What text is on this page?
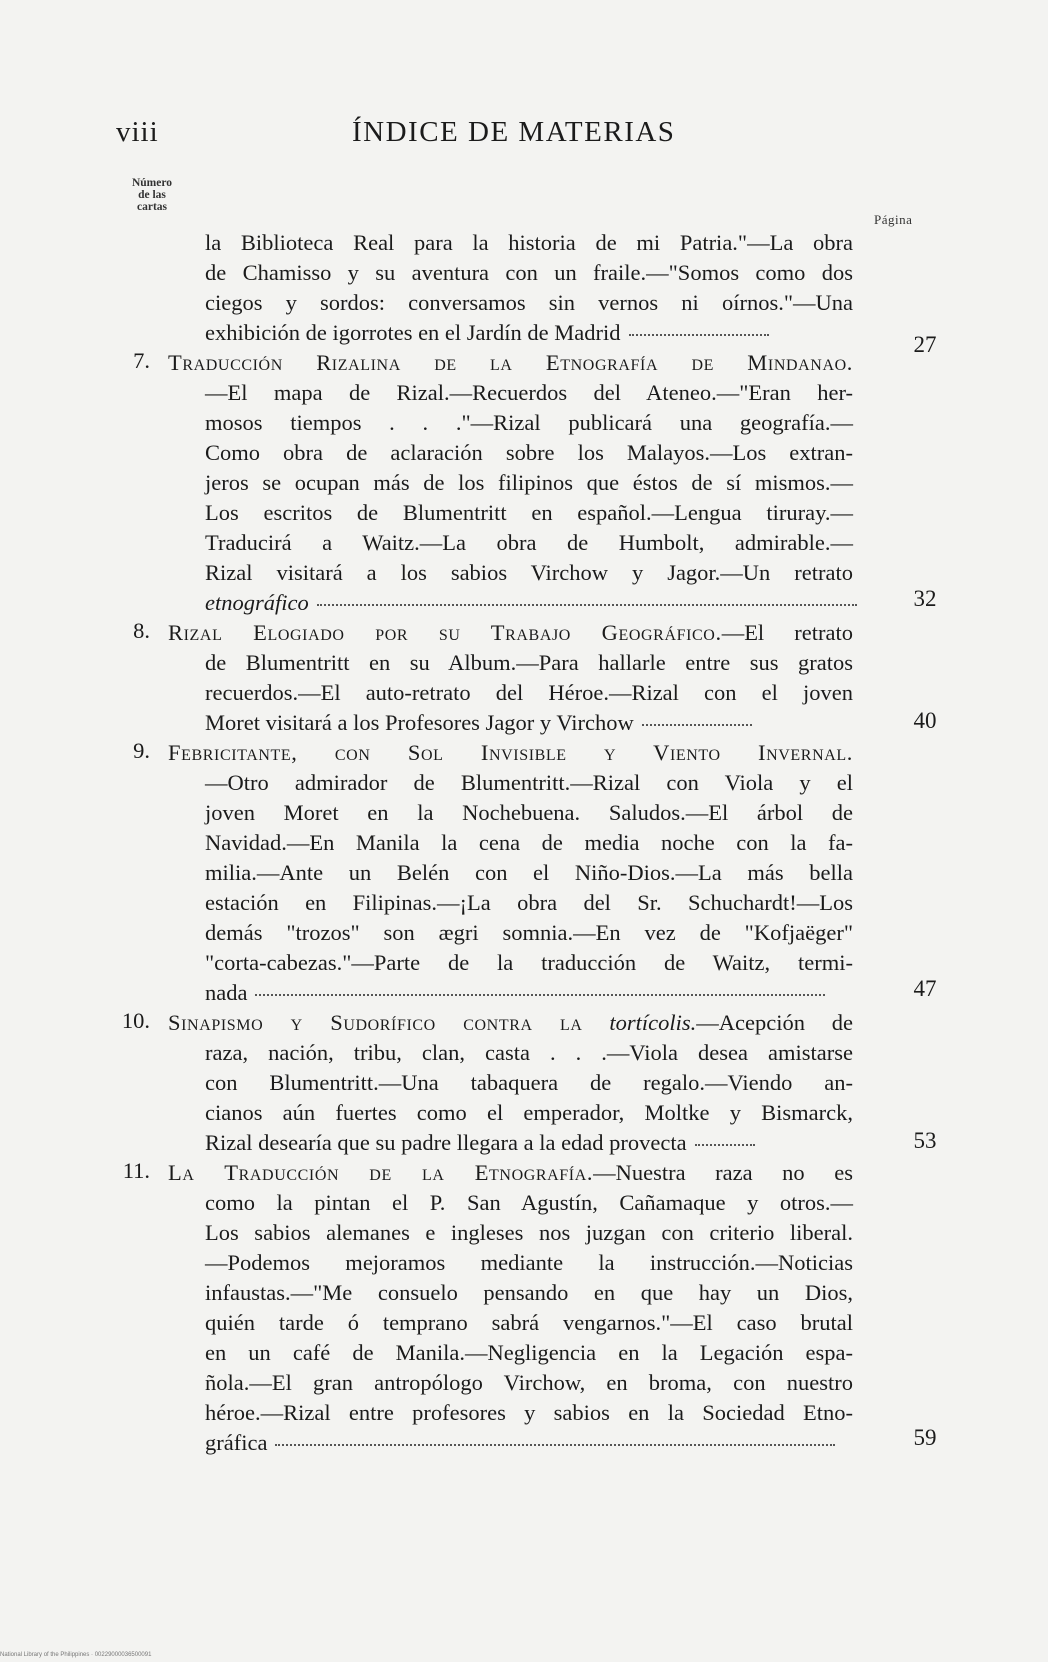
viii	ÍNDICE DE MATERIAS
Número
de las
cartas
Página
la Biblioteca Real para la historia de mi Patria."—La obra
de Chamisso y su aventura con un fraile.—"Somos como dos
ciegos y sordos: conversamos sin vernos ni oírnos."—Una
exhibición de igorrotes en el Jardín de Madrid	27
7. Traducción Rizalina de la Etnografía de Mindanao.
—El mapa de Rizal.—Recuerdos del Ateneo.—"Eran her-
mosos tiempos . . ."—Rizal publicará una geografía.—
Como obra de aclaración sobre los Malayos.—Los extran-
jeros se ocupan más de los filipinos que éstos de sí mismos.—
Los escritos de Blumentritt en español.—Lengua tiruray.—
Traducirá a Waitz.—La obra de Humbolt, admirable.—
Rizal visitará a los sabios Virchow y Jagor.—Un retrato
etnográfico	32
8. Rizal Elogiado por su Trabajo Geográfico.—El retrato
de Blumentritt en su Album.—Para hallarle entre sus gratos
recuerdos.—El auto-retrato del Héroe.—Rizal con el joven
Moret visitará a los Profesores Jagor y Virchow	40
9. Febricitante, con Sol Invisible y Viento Invernal.
—Otro admirador de Blumentritt.—Rizal con Viola y el
joven Moret en la Nochebuena. Saludos.—El árbol de
Navidad.—En Manila la cena de media noche con la fa-
milia.—Ante un Belén con el Niño-Dios.—La más bella
estación en Filipinas.—¡La obra del Sr. Schuchardt!—Los
demás "trozos" son ægri somnia.—En vez de "Kofjaëger"
"corta-cabezas."—Parte de la traducción de Waitz, termi-
nada	47
10. Sinapismo y Sudorífico contra la tortícolis.—Acepción de
raza, nación, tribu, clan, casta . . .—Viola desea amistarse
con Blumentritt.—Una tabaquera de regalo.—Viendo an-
cianos aún fuertes como el emperador, Moltke y Bismarck,
Rizal desearía que su padre llegara a la edad provecta	53
11. La Traducción de la Etnografía.—Nuestra raza no es
como la pintan el P. San Agustín, Cañamaque y otros.—
Los sabios alemanes e ingleses nos juzgan con criterio liberal.
—Podemos mejoramos mediante la instrucción.—Noticias
infaustas.—"Me consuelo pensando en que hay un Dios,
quién tarde ó temprano sabrá vengarnos."—El caso brutal
en un café de Manila.—Negligencia en la Legación espa-
ñola.—El gran antropólogo Virchow, en broma, con nuestro
héroe.—Rizal entre profesores y sabios en la Sociedad Etno-
gráfica	59
National Library of the Philippines · 00229000036500091
